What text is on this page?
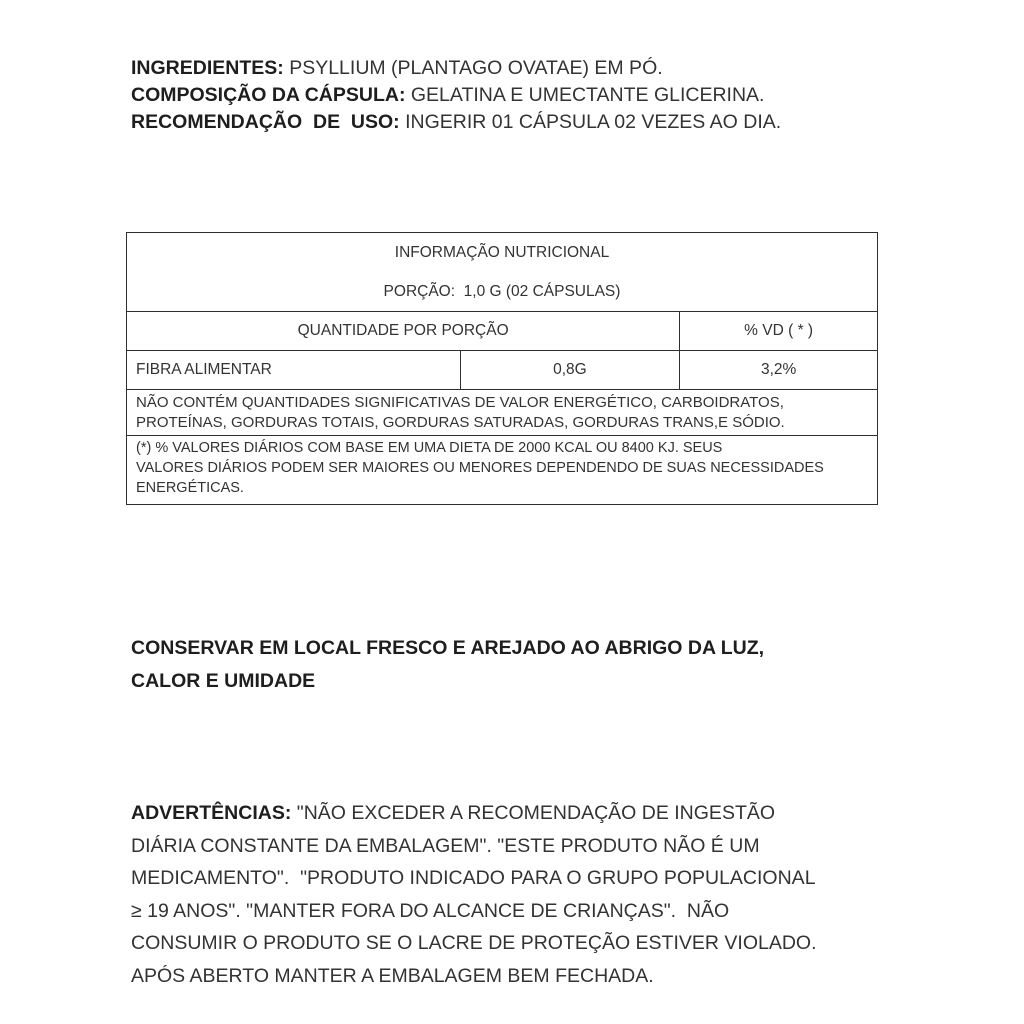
INGREDIENTES: PSYLLIUM (PLANTAGO OVATAE) EM PÓ.
COMPOSIÇÃO DA CÁPSULA: GELATINA E UMECTANTE GLICERINA.
RECOMENDAÇÃO  DE  USO: INGERIR 01 CÁPSULA 02 VEZES AO DIA.
INFORMAÇÃO NUTRICIONAL
PORÇÃO:  1,0 G (02 CÁPSULAS)		

QUANTIDADE POR PORÇÃO		% VD ( * )
FIBRA ALIMENTAR	0,8G	3,2%

NÃO CONTÉM QUANTIDADES SIGNIFICATIVAS DE VALOR ENERGÉTICO, CARBOIDRATOS,
PROTEÍNAS, GORDURAS TOTAIS, GORDURAS SATURADAS, GORDURAS TRANS,E SÓDIO.		

(*) % VALORES DIÁRIOS COM BASE EM UMA DIETA DE 2000 KCAL OU 8400 KJ. SEUS
VALORES DIÁRIOS PODEM SER MAIORES OU MENORES DEPENDENDO DE SUAS NECESSIDADES
ENERGÉTICAS.		
CONSERVAR EM LOCAL FRESCO E AREJADO AO ABRIGO DA LUZ,
CALOR E UMIDADE
ADVERTÊNCIAS: "NÃO EXCEDER A RECOMENDAÇÃO DE INGESTÃO
DIÁRIA CONSTANTE DA EMBALAGEM". "ESTE PRODUTO NÃO É UM
MEDICAMENTO".  "PRODUTO INDICADO PARA O GRUPO POPULACIONAL
≥ 19 ANOS". "MANTER FORA DO ALCANCE DE CRIANÇAS".  NÃO
CONSUMIR O PRODUTO SE O LACRE DE PROTEÇÃO ESTIVER VIOLADO.
APÓS ABERTO MANTER A EMBALAGEM BEM FECHADA.
